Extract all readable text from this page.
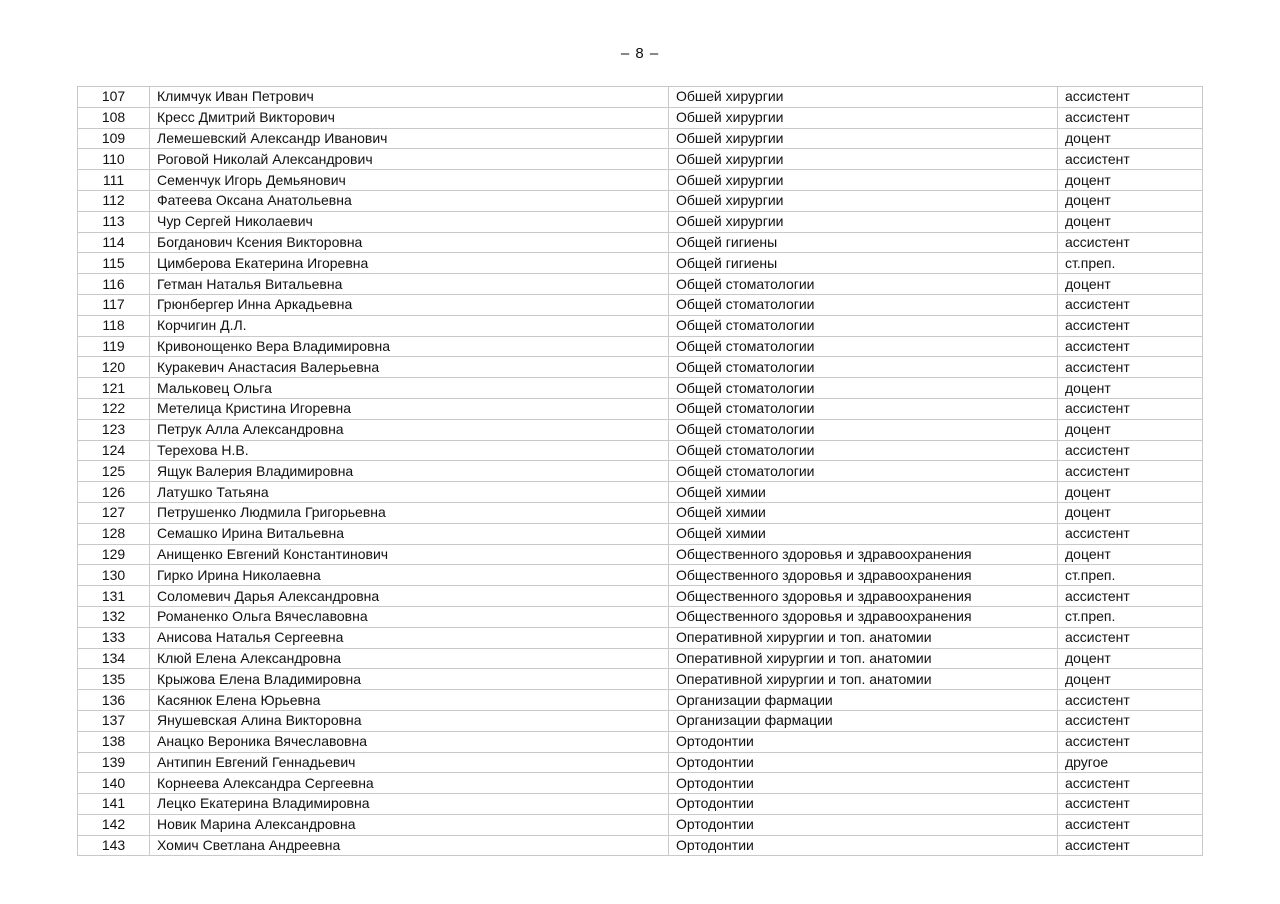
– 8 –
107	Климчук Иван Петрович	Обшей хирургии	ассистент
108	Кресс Дмитрий Викторович	Обшей хирургии	ассистент
109	Лемешевский Александр Иванович	Обшей хирургии	доцент
110	Роговой Николай Александрович	Обшей хирургии	ассистент
111	Семенчук Игорь Демьянович	Обшей хирургии	доцент
112	Фатеева Оксана Анатольевна	Обшей хирургии	доцент
113	Чур Сергей Николаевич	Обшей хирургии	доцент
114	Богданович Ксения Викторовна	Общей гигиены	ассистент
115	Цимберова Екатерина Игоревна	Общей гигиены	ст.преп.
116	Гетман Наталья Витальевна	Общей стоматологии	доцент
117	Грюнбергер Инна Аркадьевна	Общей стоматологии	ассистент
118	Корчигин Д.Л.	Общей стоматологии	ассистент
119	Кривонощенко Вера Владимировна	Общей стоматологии	ассистент
120	Куракевич Анастасия Валерьевна	Общей стоматологии	ассистент
121	Мальковец Ольга	Общей стоматологии	доцент
122	Метелица Кристина Игоревна	Общей стоматологии	ассистент
123	Петрук Алла Александровна	Общей стоматологии	доцент
124	Терехова Н.В.	Общей стоматологии	ассистент
125	Ящук Валерия Владимировна	Общей стоматологии	ассистент
126	Латушко Татьяна	Общей химии	доцент
127	Петрушенко Людмила Григорьевна	Общей химии	доцент
128	Семашко Ирина Витальевна	Общей химии	ассистент
129	Анищенко Евгений Константинович	Общественного здоровья и здравоохранения	доцент
130	Гирко Ирина Николаевна	Общественного здоровья и здравоохранения	ст.преп.
131	Соломевич Дарья Александровна	Общественного здоровья и здравоохранения	ассистент
132	Романенко Ольга Вячеславовна	Общественного здоровья и здравоохранения	ст.преп.
133	Анисова Наталья Сергеевна	Оперативной хирургии и топ. анатомии	ассистент
134	Клюй Елена Александровна	Оперативной хирургии и топ. анатомии	доцент
135	Крыжова Елена Владимировна	Оперативной хирургии и топ. анатомии	доцент
136	Касянюк Елена Юрьевна	Организации фармации	ассистент
137	Янушевская Алина Викторовна	Организации фармации	ассистент
138	Анацко Вероника Вячеславовна	Ортодонтии	ассистент
139	Антипин Евгений Геннадьевич	Ортодонтии	другое
140	Корнеева Александра Сергеевна	Ортодонтии	ассистент
141	Лецко Екатерина Владимировна	Ортодонтии	ассистент
142	Новик Марина Александровна	Ортодонтии	ассистент
143	Хомич Светлана Андреевна	Ортодонтии	ассистент
